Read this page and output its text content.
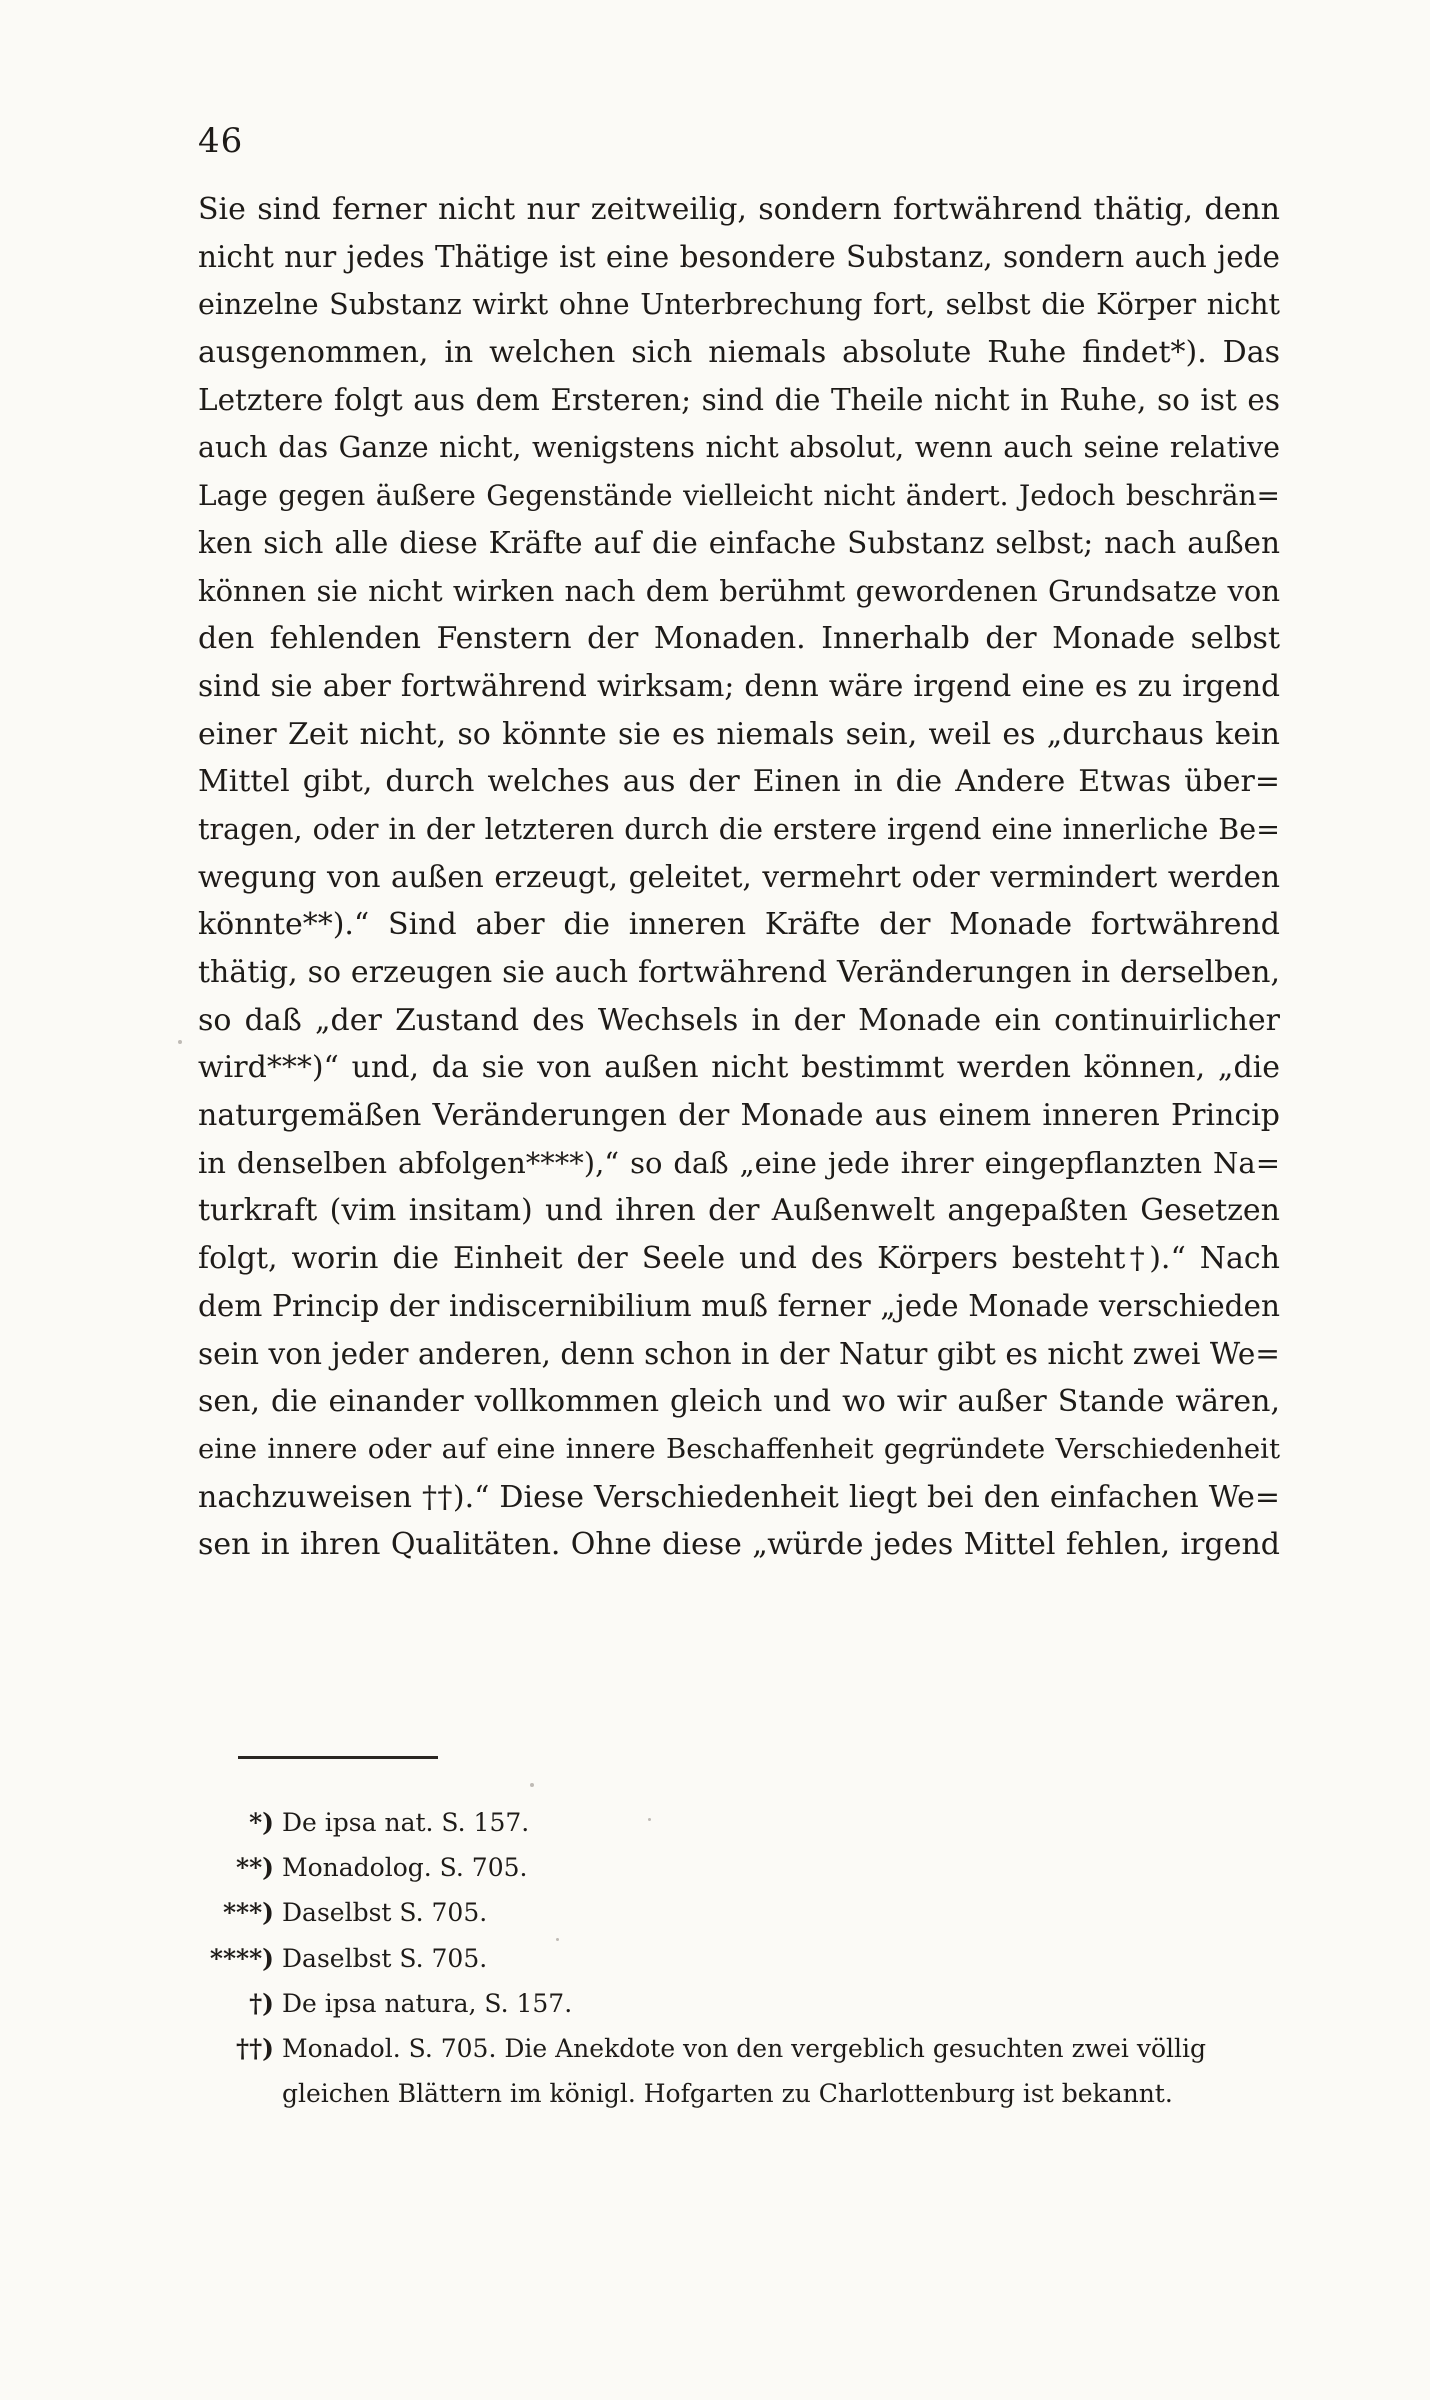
46
Sie sind ferner nicht nur zeitweilig, sondern fortwährend thätig, denn
nicht nur jedes Thätige ist eine besondere Substanz, sondern auch jede
einzelne Substanz wirkt ohne Unterbrechung fort, selbst die Körper nicht
ausgenommen, in welchen sich niemals absolute Ruhe findet*). Das
Letztere folgt aus dem Ersteren; sind die Theile nicht in Ruhe, so ist es
auch das Ganze nicht, wenigstens nicht absolut, wenn auch seine relative
Lage gegen äußere Gegenstände vielleicht nicht ändert. Jedoch beschrän=
ken sich alle diese Kräfte auf die einfache Substanz selbst; nach außen
können sie nicht wirken nach dem berühmt gewordenen Grundsatze von
den fehlenden Fenstern der Monaden. Innerhalb der Monade selbst
sind sie aber fortwährend wirksam; denn wäre irgend eine es zu irgend
einer Zeit nicht, so könnte sie es niemals sein, weil es „durchaus kein
Mittel gibt, durch welches aus der Einen in die Andere Etwas über=
tragen, oder in der letzteren durch die erstere irgend eine innerliche Be=
wegung von außen erzeugt, geleitet, vermehrt oder vermindert werden
könnte**).“ Sind aber die inneren Kräfte der Monade fortwährend
thätig, so erzeugen sie auch fortwährend Veränderungen in derselben,
so daß „der Zustand des Wechsels in der Monade ein continuirlicher
wird***)“ und, da sie von außen nicht bestimmt werden können, „die
naturgemäßen Veränderungen der Monade aus einem inneren Princip
in denselben abfolgen****),“ so daß „eine jede ihrer eingepflanzten Na=
turkraft (vim insitam) und ihren der Außenwelt angepaßten Gesetzen
folgt, worin die Einheit der Seele und des Körpers besteht†).“ Nach
dem Princip der indiscernibilium muß ferner „jede Monade verschieden
sein von jeder anderen, denn schon in der Natur gibt es nicht zwei We=
sen, die einander vollkommen gleich und wo wir außer Stande wären,
eine innere oder auf eine innere Beschaffenheit gegründete Verschiedenheit
nachzuweisen ††).“ Diese Verschiedenheit liegt bei den einfachen We=
sen in ihren Qualitäten. Ohne diese „würde jedes Mittel fehlen, irgend
*) De ipsa nat. S. 157.
**) Monadolog. S. 705.
***) Daselbst S. 705.
****) Daselbst S. 705.
†) De ipsa natura, S. 157.
††) Monadol. S. 705. Die Anekdote von den vergeblich gesuchten zwei völlig
gleichen Blättern im königl. Hofgarten zu Charlottenburg ist bekannt.
